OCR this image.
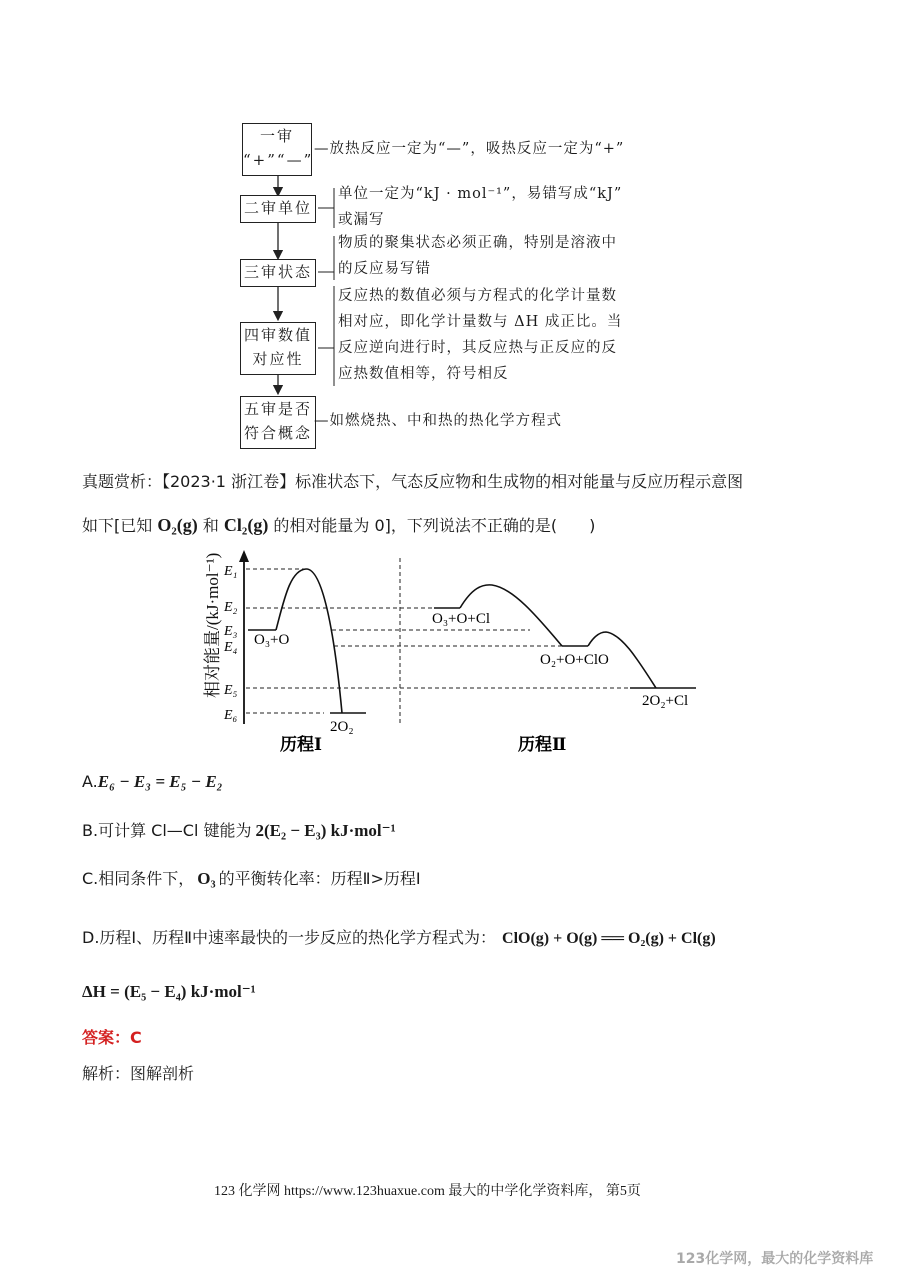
一审
“+”“—”
—放热反应一定为“—”，吸热反应一定为“+”
二审单位
单位一定为“kJ · mol⁻¹”，易错写成“kJ”
或漏写
三审状态
物质的聚集状态必须正确，特别是溶液中
的反应易写错
四审数值
对应性
反应热的数值必须与方程式的化学计量数
相对应，即化学计量数与 ΔH 成正比。当
反应逆向进行时，其反应热与正反应的反
应热数值相等，符号相反
五审是否
符合概念
—如燃烧热、中和热的热化学方程式
真题赏析：【2023·1 浙江卷】标准状态下，气态反应物和生成物的相对能量与反应历程示意图
如下[已知 O₂(g) 和 Cl₂(g) 的相对能量为 0]，下列说法不正确的是(　　)
相对能量/(kJ·mol⁻¹) E₁
E₂
E₃
E₄
E₅
E₆
O₃+O
2O₂
O₃+O+Cl
O₂+O+ClO
2O₂+Cl
历程Ⅰ	历程Ⅱ
A.E₆ − E₃ = E₅ − E₂
B.可计算 Cl—Cl 键能为 2(E₂ − E₃) kJ·mol⁻¹
C.相同条件下， O₃ 的平衡转化率：历程Ⅱ>历程Ⅰ
D.历程Ⅰ、历程Ⅱ中速率最快的一步反应的热化学方程式为： ClO(g) + O(g) ══ O₂(g) + Cl(g)
ΔH = (E₅ − E₄) kJ·mol⁻¹
答案：C
解析：图解剖析
123 化学网 https://www.123huaxue.com 最大的中学化学资料库， 第5页
123化学网，最大的化学资料库
